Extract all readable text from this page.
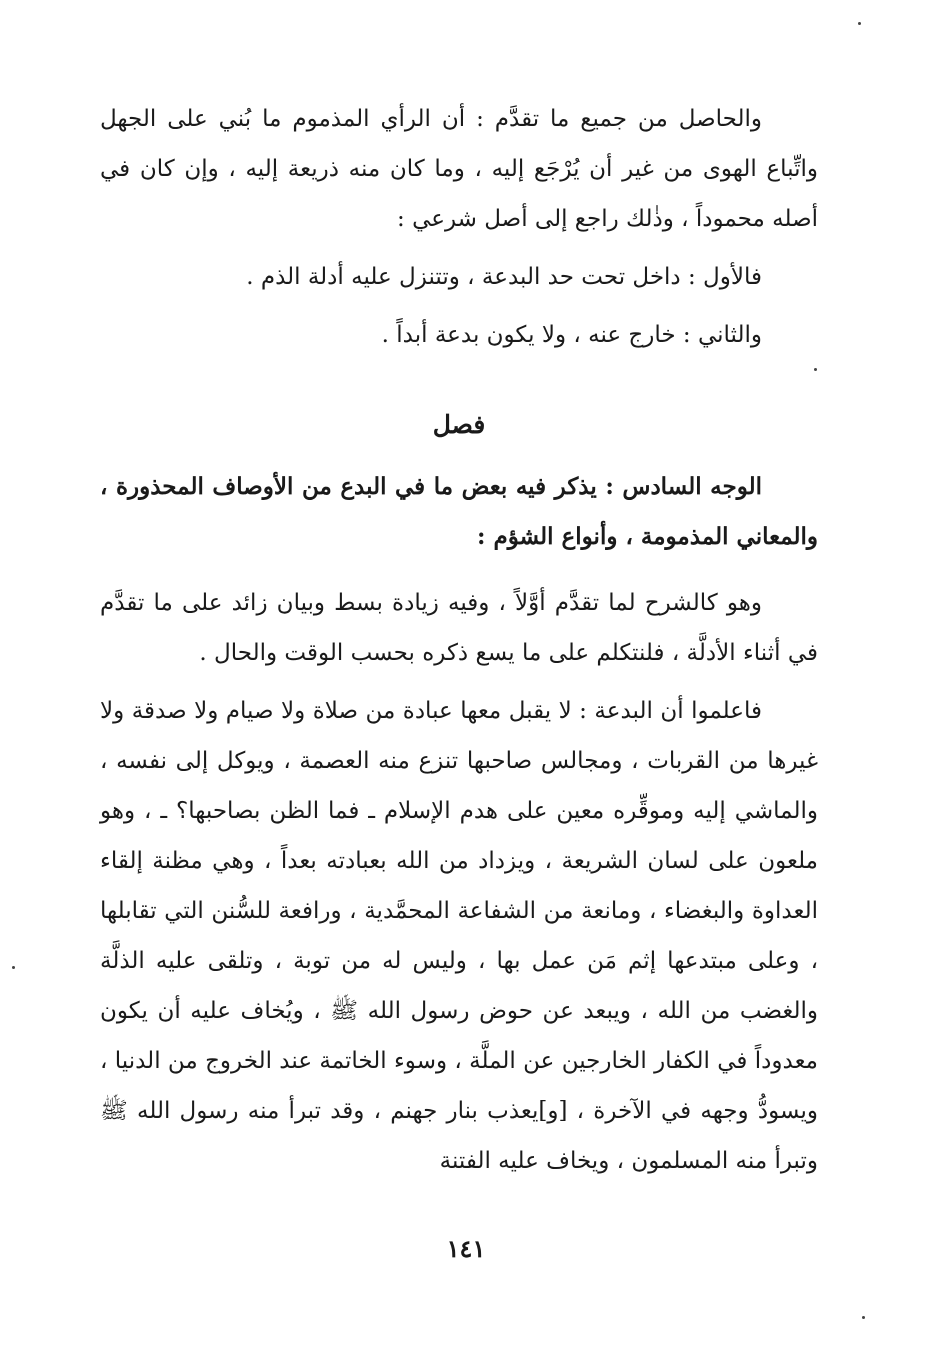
والحاصل من جميع ما تقدَّم : أن الرأي المذموم ما بُني على الجهل واتِّباع الهوى من غير أن يُرْجَع إليه ، وما كان منه ذريعة إليه ، وإن كان في أصله محموداً ، وذٰلك راجع إلى أصل شرعي :

فالأول : داخل تحت حد البدعة ، وتتنزل عليه أدلة الذم .

والثاني : خارج عنه ، ولا يكون بدعة أبداً .

فصل

الوجه السادس : يذكر فيه بعض ما في البدع من الأوصاف المحذورة ، والمعاني المذمومة ، وأنواع الشؤم :

وهو كالشرح لما تقدَّم أوَّلاً ، وفيه زيادة بسط وبيان زائد على ما تقدَّم في أثناء الأدلَّة ، فلنتكلم على ما يسع ذكره بحسب الوقت والحال .

فاعلموا أن البدعة : لا يقبل معها عبادة من صلاة ولا صيام ولا صدقة ولا غيرها من القربات ، ومجالس صاحبها تنزع منه العصمة ، ويوكل إلى نفسه ، والماشي إليه وموقِّره معين على هدم الإسلام ـ فما الظن بصاحبها؟ ـ ، وهو ملعون على لسان الشريعة ، ويزداد من الله بعبادته بعداً ، وهي مظنة إلقاء العداوة والبغضاء ، ومانعة من الشفاعة المحمَّدية ، ورافعة للسُّنن التي تقابلها ، وعلى مبتدعها إثم مَن عمل بها ، وليس له من توبة ، وتلقى عليه الذلَّة والغضب من الله ، ويبعد عن حوض رسول الله ﷺ ، ويُخاف عليه أن يكون معدوداً في الكفار الخارجين عن الملَّة ، وسوء الخاتمة عند الخروج من الدنيا ، ويسودُّ وجهه في الآخرة ، [و]يعذب بنار جهنم ، وقد تبرأ منه رسول الله ﷺ وتبرأ منه المسلمون ، ويخاف عليه الفتنة

١٤١
